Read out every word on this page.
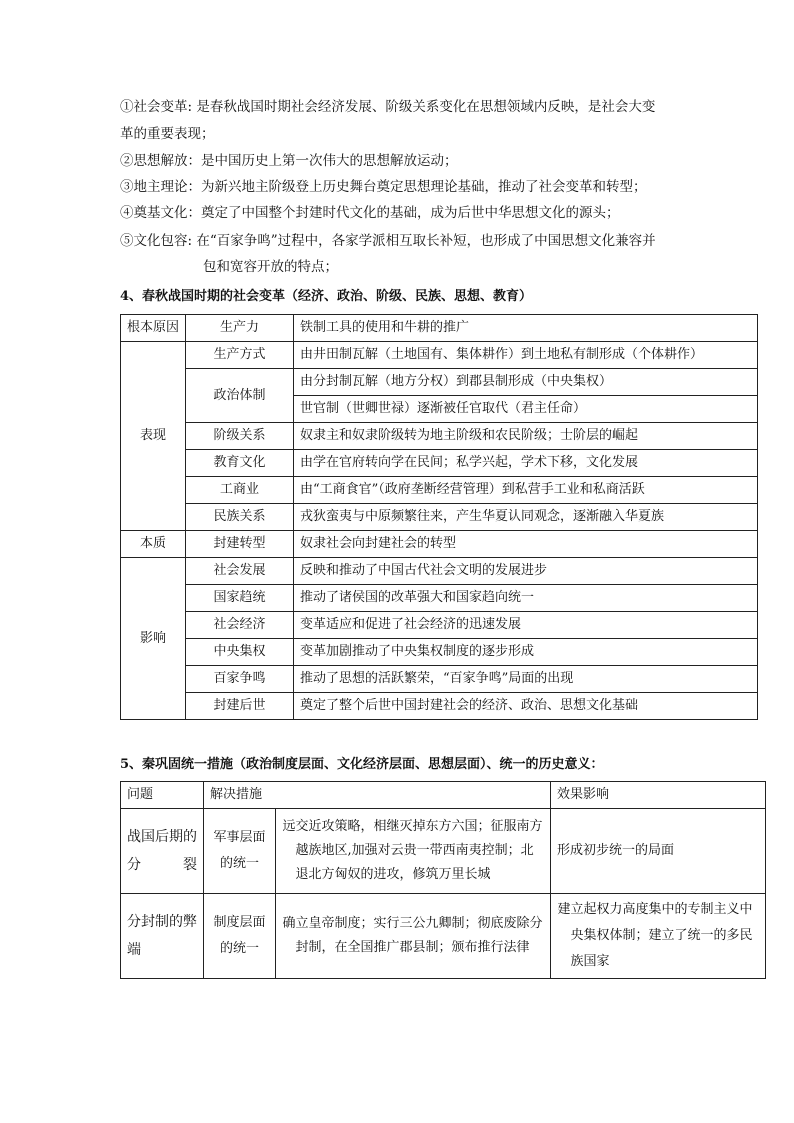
①社会变革: 是春秋战国时期社会经济发展、阶级关系变化在思想领域内反映，是社会大变
革的重要表现；
②思想解放：是中国历史上第一次伟大的思想解放运动；
③地主理论：为新兴地主阶级登上历史舞台奠定思想理论基础，推动了社会变革和转型；
④奠基文化：奠定了中国整个封建时代文化的基础，成为后世中华思想文化的源头；
⑤文化包容: 在“百家争鸣”过程中，各家学派相互取长补短，也形成了中国思想文化兼容并
包和宽容开放的特点；
4、春秋战国时期的社会变革（经济、政治、阶级、民族、思想、教育）
根本原因	生产力	铁制工具的使用和牛耕的推广
表现	生产方式	由井田制瓦解（土地国有、集体耕作）到土地私有制形成（个体耕作）
	政治体制	由分封制瓦解（地方分权）到郡县制形成（中央集权）
		世官制（世卿世禄）逐渐被任官取代（君主任命）
	阶级关系	奴隶主和奴隶阶级转为地主阶级和农民阶级；士阶层的崛起
	教育文化	由学在官府转向学在民间；私学兴起，学术下移，文化发展
	工商业	由“工商食官”（政府垄断经营管理）到私营手工业和私商活跃
	民族关系	戎狄蛮夷与中原频繁往来，产生华夏认同观念，逐渐融入华夏族
本质	封建转型	奴隶社会向封建社会的转型
影响	社会发展	反映和推动了中国古代社会文明的发展进步
	国家趋统	推动了诸侯国的改革强大和国家趋向统一
	社会经济	变革适应和促进了社会经济的迅速发展
	中央集权	变革加剧推动了中央集权制度的逐步形成
	百家争鸣	推动了思想的活跃繁荣，“百家争鸣”局面的出现
	封建后世	奠定了整个后世中国封建社会的经济、政治、思想文化基础
5、秦巩固统一措施（政治制度层面、文化经济层面、思想层面）、统一的历史意义：
问题	解决措施		效果影响
战国后期的分裂	军事层面的统一	远交近攻策略，相继灭掉东方六国；征服南方越族地区,加强对云贵一带西南夷控制；北退北方匈奴的进攻，修筑万里长城	形成初步统一的局面
分封制的弊端	制度层面的统一	确立皇帝制度；实行三公九卿制；彻底废除分封制，在全国推广郡县制；颁布推行法律	建立起权力高度集中的专制主义中央集权体制；建立了统一的多民族国家
